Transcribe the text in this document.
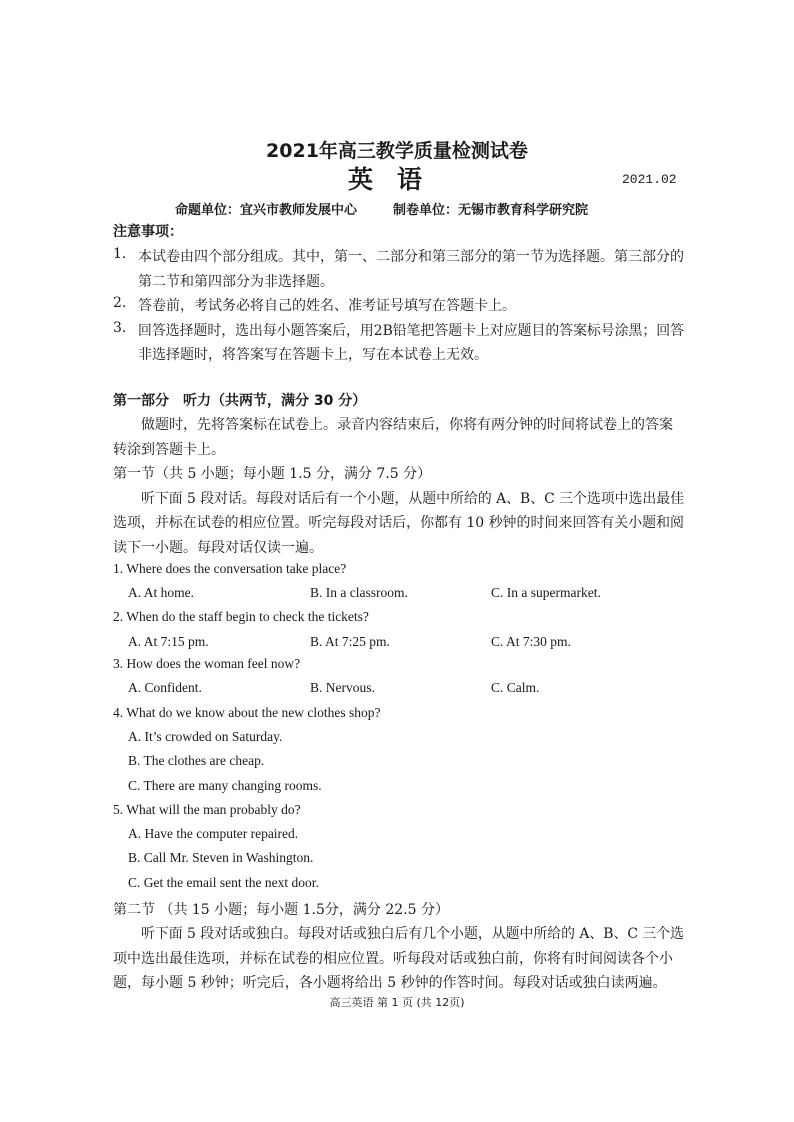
2021年高三教学质量检测试卷
英语	2021.02
命题单位：宜兴市教师发展中心	制卷单位：无锡市教育科学研究院
注意事项：
1. 本试卷由四个部分组成。其中，第一、二部分和第三部分的第一节为选择题。第三部分的
第二节和第四部分为非选择题。
2. 答卷前，考试务必将自己的姓名、准考证号填写在答题卡上。
3. 回答选择题时，选出每小题答案后，用2B铅笔把答题卡上对应题目的答案标号涂黑；回答
非选择题时，将答案写在答题卡上，写在本试卷上无效。
第一部分　听力（共两节，满分 30 分）
做题时，先将答案标在试卷上。录音内容结束后，你将有两分钟的时间将试卷上的答案
转涂到答题卡上。
第一节（共 5 小题；每小题 1.5 分，满分 7.5 分）
听下面 5 段对话。每段对话后有一个小题，从题中所给的 A、B、C 三个选项中选出最佳
选项，并标在试卷的相应位置。听完每段对话后，你都有 10 秒钟的时间来回答有关小题和阅
读下一小题。每段对话仅读一遍。
1. Where does the conversation take place?
A. At home.	B. In a classroom.	C. In a supermarket.
2. When do the staff begin to check the tickets?
A. At 7:15 pm.	B. At 7:25 pm.	C. At 7:30 pm.
3. How does the woman feel now?
A. Confident.	B. Nervous.	C. Calm.
4. What do we know about the new clothes shop?
A. It’s crowded on Saturday.
B. The clothes are cheap.
C. There are many changing rooms.
5. What will the man probably do?
A. Have the computer repaired.
B. Call Mr. Steven in Washington.
C. Get the email sent the next door.
第二节 （共 15 小题；每小题 1.5分，满分 22.5 分）
听下面 5 段对话或独白。每段对话或独白后有几个小题，从题中所给的 A、B、C 三个选
项中选出最佳选项，并标在试卷的相应位置。听每段对话或独白前，你将有时间阅读各个小
题，每小题 5 秒钟；听完后，各小题将给出 5 秒钟的作答时间。每段对话或独白读两遍。
高三英语 第 1 页 (共 12页)
